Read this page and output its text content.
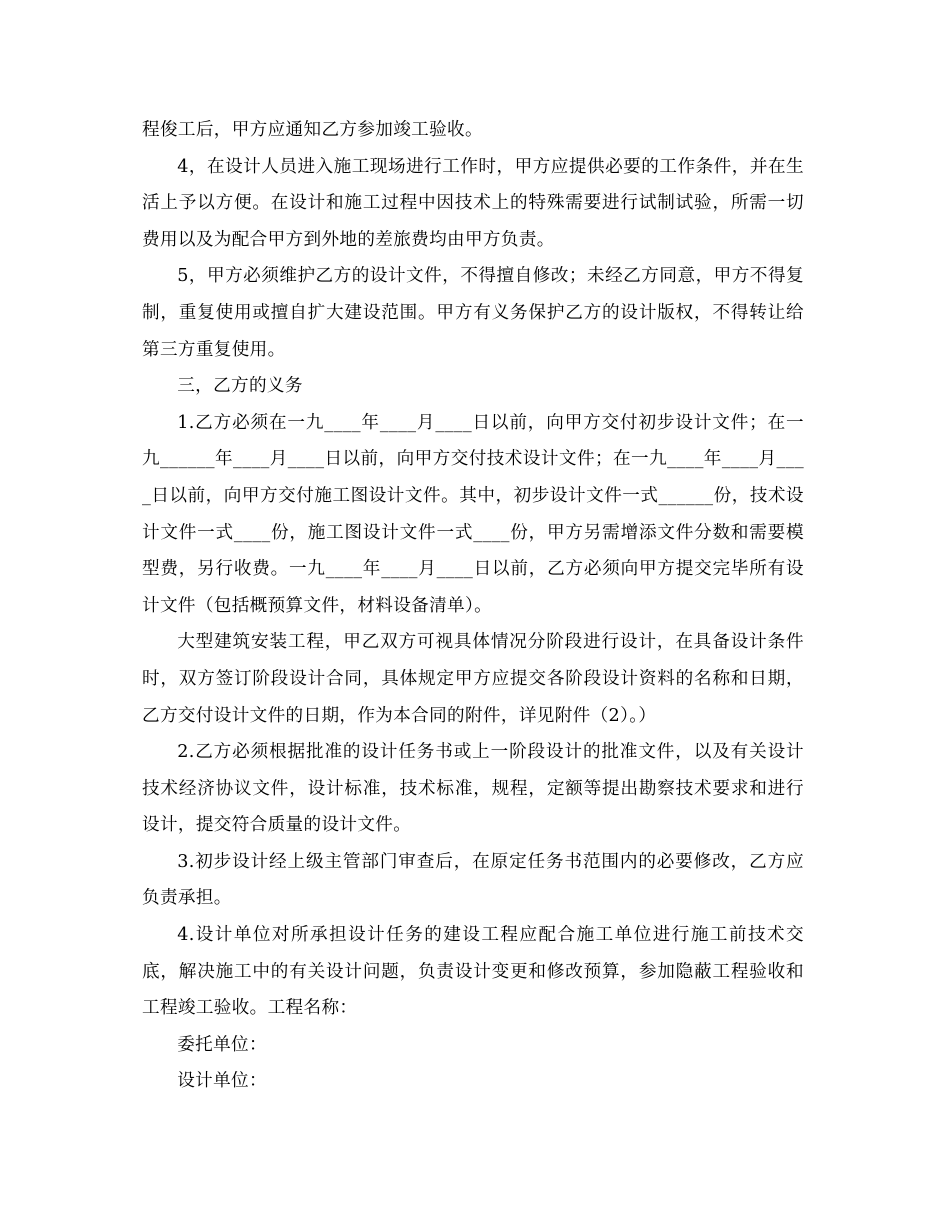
程俊工后，甲方应通知乙方参加竣工验收。

4，在设计人员进入施工现场进行工作时，甲方应提供必要的工作条件，并在生活上予以方便。在设计和施工过程中因技术上的特殊需要进行试制试验，所需一切费用以及为配合甲方到外地的差旅费均由甲方负责。

5，甲方必须维护乙方的设计文件，不得擅自修改；未经乙方同意，甲方不得复制，重复使用或擅自扩大建设范围。甲方有义务保护乙方的设计版权，不得转让给第三方重复使用。

三，乙方的义务

1.乙方必须在一九____年____月____日以前，向甲方交付初步设计文件；在一九______年____月____日以前，向甲方交付技术设计文件；在一九____年____月____日以前，向甲方交付施工图设计文件。其中，初步设计文件一式______份，技术设计文件一式____份，施工图设计文件一式____份，甲方另需增添文件分数和需要模型费，另行收费。一九____年____月____日以前，乙方必须向甲方提交完毕所有设计文件（包括概预算文件，材料设备清单）。

大型建筑安装工程，甲乙双方可视具体情况分阶段进行设计，在具备设计条件时，双方签订阶段设计合同，具体规定甲方应提交各阶段设计资料的名称和日期，乙方交付设计文件的日期，作为本合同的附件，详见附件（2）。）

2.乙方必须根据批准的设计任务书或上一阶段设计的批准文件，以及有关设计技术经济协议文件，设计标准，技术标准，规程，定额等提出勘察技术要求和进行设计，提交符合质量的设计文件。

3.初步设计经上级主管部门审查后，在原定任务书范围内的必要修改，乙方应负责承担。

4.设计单位对所承担设计任务的建设工程应配合施工单位进行施工前技术交底，解决施工中的有关设计问题，负责设计变更和修改预算，参加隐蔽工程验收和工程竣工验收。工程名称：

委托单位：

设计单位：
